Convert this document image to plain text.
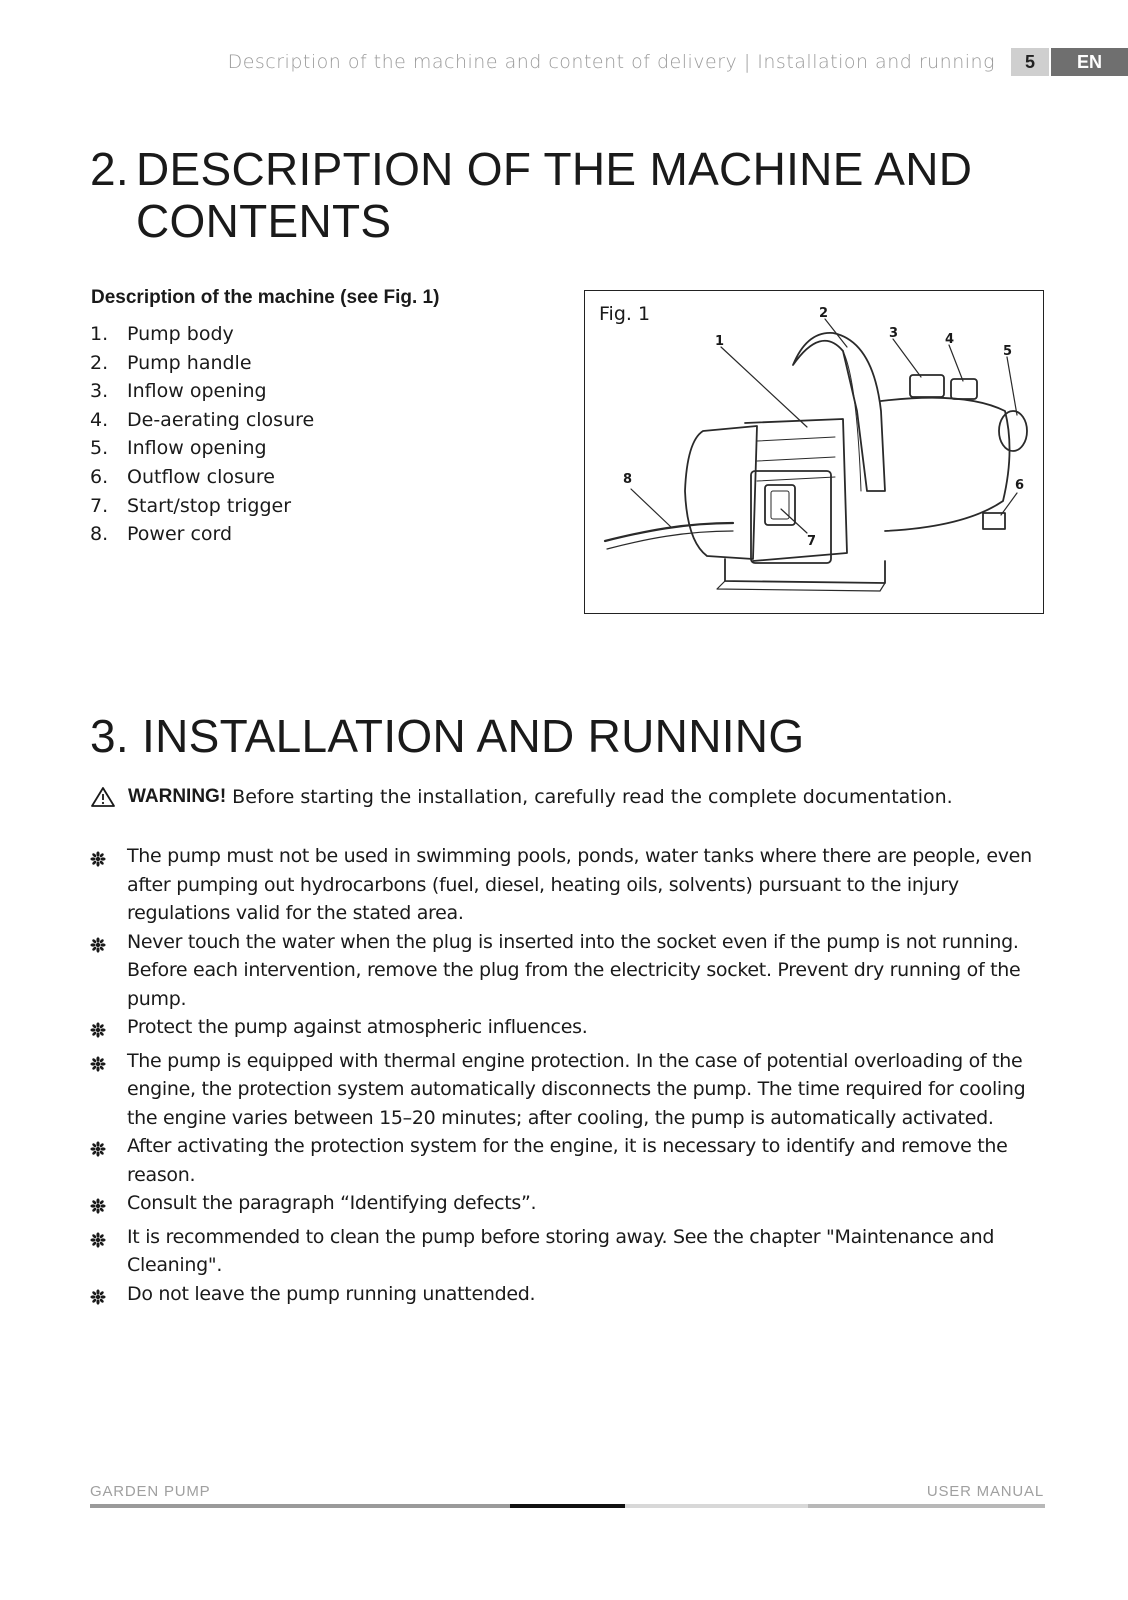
Description of the machine and content of delivery | Installation and running	5	EN
2. DESCRIPTION OF THE MACHINE AND
CONTENTS
Description of the machine (see Fig. 1)
1. Pump body
2. Pump handle
3. Inflow opening
4. De-aerating closure
5. Inflow opening
6. Outflow closure
7. Start/stop trigger
8. Power cord
Fig. 1
1
2
3	4
5
6
7
8
3. INSTALLATION AND RUNNING
WARNING! Before starting the installation, carefully read the complete documentation.
The pump must not be used in swimming pools, ponds, water tanks where there are people, even after pumping out hydrocarbons (fuel, diesel, heating oils, solvents) pursuant to the injury regulations valid for the stated area.
Never touch the water when the plug is inserted into the socket even if the pump is not running. Before each intervention, remove the plug from the electricity socket. Prevent dry running of the pump.
Protect the pump against atmospheric influences.
The pump is equipped with thermal engine protection. In the case of potential overloading of the engine, the protection system automatically disconnects the pump. The time required for cooling the engine varies between 15–20 minutes; after cooling, the pump is automatically activated.
After activating the protection system for the engine, it is necessary to identify and remove the reason.
Consult the paragraph “Identifying defects”.
It is recommended to clean the pump before storing away. See the chapter "Maintenance and Cleaning".
Do not leave the pump running unattended.
GARDEN PUMP	USER MANUAL
